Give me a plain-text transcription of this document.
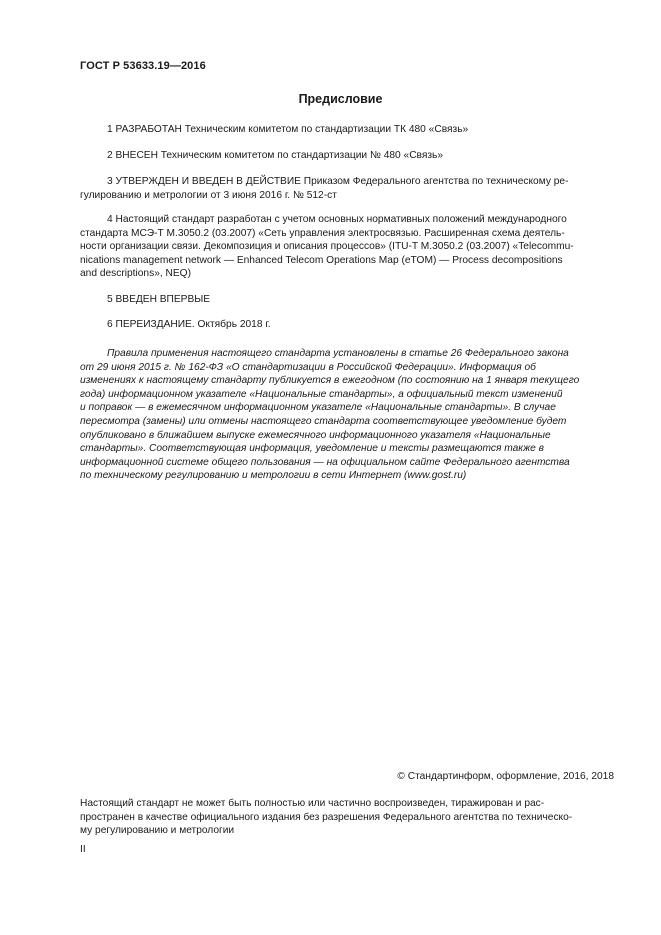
ГОСТ Р 53633.19—2016
Предисловие
1 РАЗРАБОТАН Техническим комитетом по стандартизации ТК 480 «Связь»
2 ВНЕСЕН Техническим комитетом по стандартизации № 480 «Связь»
3 УТВЕРЖДЕН И ВВЕДЕН В ДЕЙСТВИЕ Приказом Федерального агентства по техническому ре-
гулированию и метрологии от 3 июня 2016 г. № 512-ст
4 Настоящий стандарт разработан с учетом основных нормативных положений международного
стандарта МСЭ-Т М.3050.2 (03.2007) «Сеть управления электросвязью. Расширенная схема деятель-
ности организации связи. Декомпозиция и описания процессов» (ITU-T M.3050.2 (03.2007) «Telecommu-
nications management network — Enhanced Telecom Operations Map (eTOM) — Process decompositions
and descriptions», NEQ)
5 ВВЕДЕН ВПЕРВЫЕ
6 ПЕРЕИЗДАНИЕ. Октябрь 2018 г.
Правила применения настоящего стандарта установлены в статье 26 Федерального закона
от 29 июня 2015 г. № 162-ФЗ «О стандартизации в Российской Федерации». Информация об
изменениях к настоящему стандарту публикуется в ежегодном (по состоянию на 1 января текущего
года) информационном указателе «Национальные стандарты», а официальный текст изменений
и поправок — в ежемесячном информационном указателе «Национальные стандарты». В случае
пересмотра (замены) или отмены настоящего стандарта соответствующее уведомление будет
опубликовано в ближайшем выпуске ежемесячного информационного указателя «Национальные
стандарты». Соответствующая информация, уведомление и тексты размещаются также в
информационной системе общего пользования — на официальном сайте Федерального агентства
по техническому регулированию и метрологии в сети Интернет (www.gost.ru)
© Стандартинформ, оформление, 2016, 2018
Настоящий стандарт не может быть полностью или частично воспроизведен, тиражирован и рас-
пространен в качестве официального издания без разрешения Федерального агентства по техническо-
му регулированию и метрологии
II
